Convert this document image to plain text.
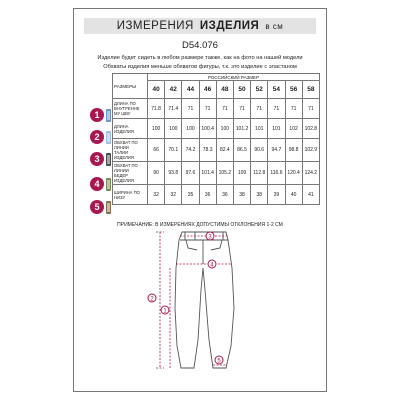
ИЗМЕРЕНИЯ ИЗДЕЛИЯ в см
D54.076
Изделие будет сидеть в любом размере также, как на фото на нашей модели
Обхваты изделия меньше обхватов фигуры, т.к. это изделие с эластаном
РАЗМЕРЫ	РОССИЙСКИЙ РАЗМЕР									
	40	42	44	46	48	50	52	54	56	58
ДЛИНА ПО
ВНУТРЕННЕ
МУ ШВУ	71.8	71.4	71	71	71	71	71	71	71	71
ДЛИНА
ИЗДЕЛИЯ	100	100	100	100.4	100	101.2	101	101	102	102.8
ОБХВАТ ПО
ЛИНИИ
ТАЛИИ
ИЗДЕЛИЯ	66	70.1	74.2	78.3	82.4	86.5	90.6	94.7	98.8	102.9
ОБХВАТ ПО
ЛИНИИ
БЕДЕР
ИЗДЕЛИЯ	90	93.8	97.6	101.4	105.2	109	112.8	116.6	120.4	124.2
ШИРИНА ПО
НИЗУ	32	32	35	36	36	38	38	39	40	41
1
2
3
4
5
ПРИМЕЧАНИЕ: В ИЗМЕРЕНИЯХ ДОПУСТИМЫ ОТКЛОНЕНИЯ 1-2 СМ
3
4
2
1
5
